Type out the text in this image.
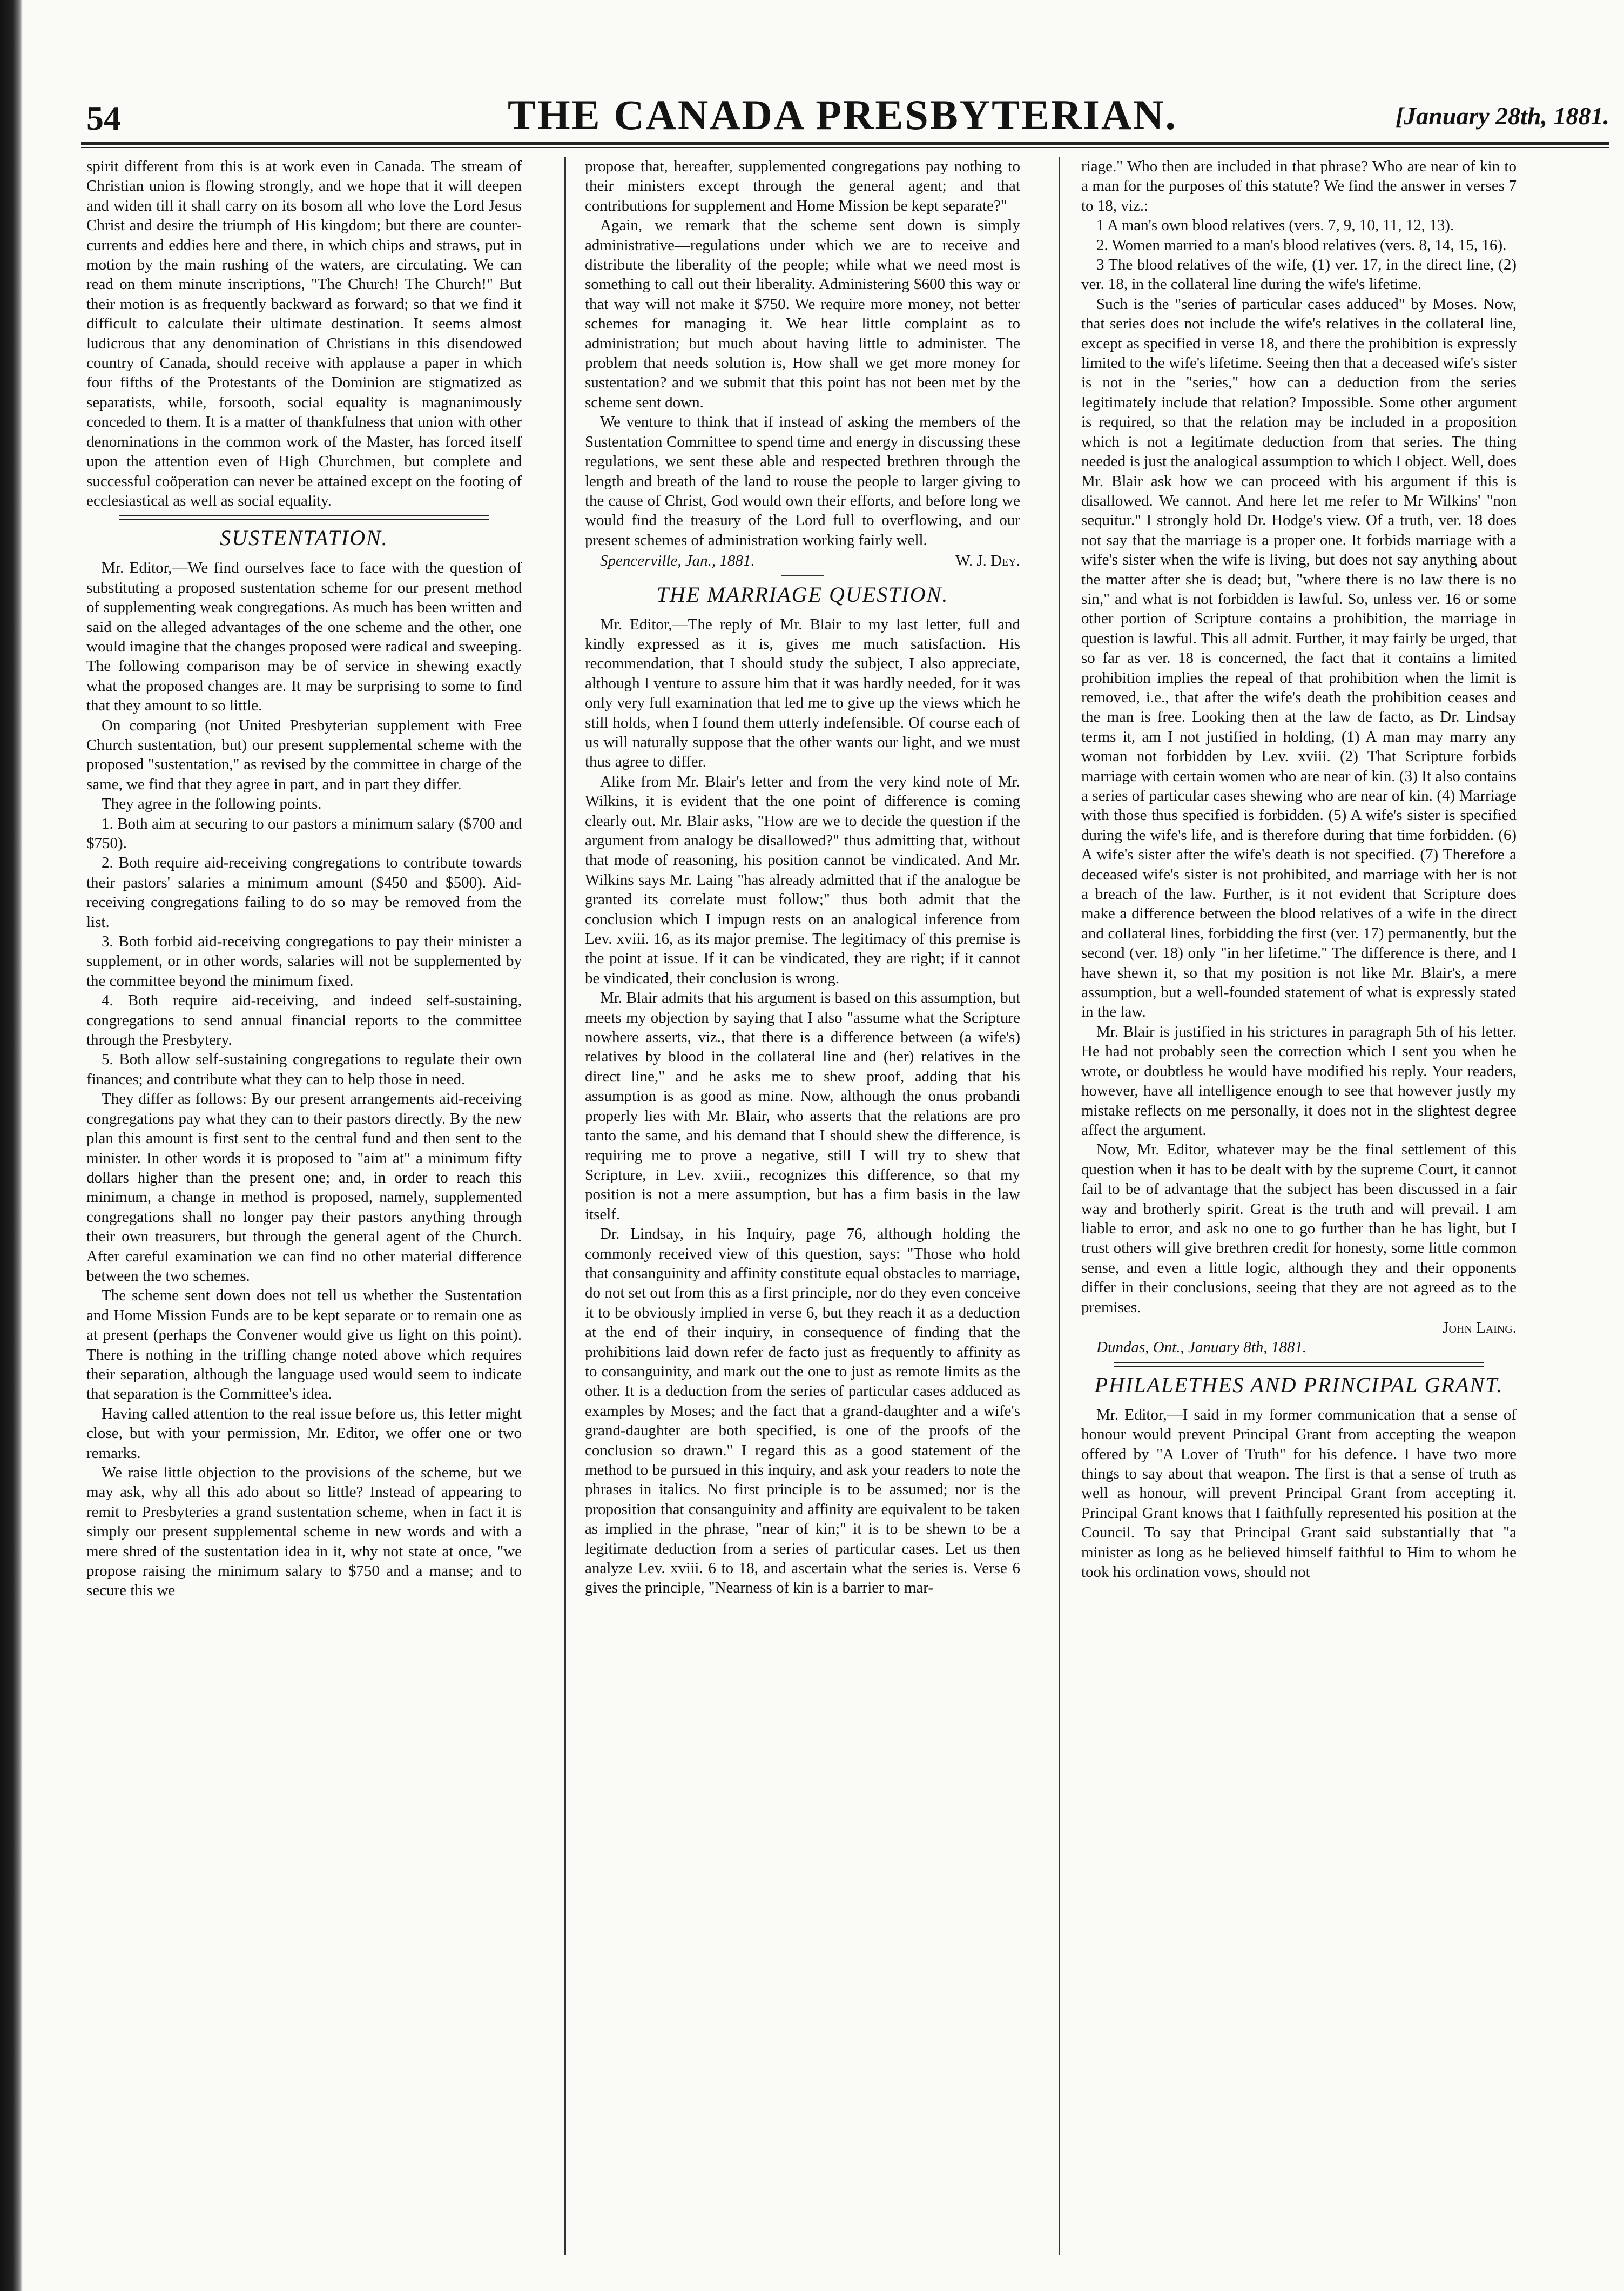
54	THE CANADA PRESBYTERIAN.	[January 28th, 1881.

spirit different from this is at work even in Canada. The stream of Christian union is flowing strongly, and we hope that it will deepen and widen till it shall carry on its bosom all who love the Lord Jesus Christ and desire the triumph of His kingdom; but there are counter-currents and eddies here and there, in which chips and straws, put in motion by the main rushing of the waters, are circulating. We can read on them minute inscriptions, "The Church! The Church!" But their motion is as frequently backward as forward; so that we find it difficult to calculate their ultimate destination. It seems almost ludicrous that any denomination of Christians in this disendowed country of Canada, should receive with applause a paper in which four fifths of the Protestants of the Dominion are stigmatized as separatists, while, forsooth, social equality is magnanimously conceded to them. It is a matter of thankfulness that union with other denominations in the common work of the Master, has forced itself upon the attention even of High Churchmen, but complete and successful coöperation can never be attained except on the footing of ecclesiastical as well as social equality.

SUSTENTATION.

Mr. Editor,—We find ourselves face to face with the question of substituting a proposed sustentation scheme for our present method of supplementing weak congregations. As much has been written and said on the alleged advantages of the one scheme and the other, one would imagine that the changes proposed were radical and sweeping. The following comparison may be of service in shewing exactly what the proposed changes are. It may be surprising to some to find that they amount to so little.

On comparing (not United Presbyterian supplement with Free Church sustentation, but) our present supplemental scheme with the proposed "sustentation," as revised by the committee in charge of the same, we find that they agree in part, and in part they differ.

They agree in the following points.

1. Both aim at securing to our pastors a minimum salary ($700 and $750).

2. Both require aid-receiving congregations to contribute towards their pastors' salaries a minimum amount ($450 and $500). Aid-receiving congregations failing to do so may be removed from the list.

3. Both forbid aid-receiving congregations to pay their minister a supplement, or in other words, salaries will not be supplemented by the committee beyond the minimum fixed.

4. Both require aid-receiving, and indeed self-sustaining, congregations to send annual financial reports to the committee through the Presbytery.

5. Both allow self-sustaining congregations to regulate their own finances; and contribute what they can to help those in need.

They differ as follows: By our present arrangements aid-receiving congregations pay what they can to their pastors directly. By the new plan this amount is first sent to the central fund and then sent to the minister. In other words it is proposed to "aim at" a minimum fifty dollars higher than the present one; and, in order to reach this minimum, a change in method is proposed, namely, supplemented congregations shall no longer pay their pastors anything through their own treasurers, but through the general agent of the Church. After careful examination we can find no other material difference between the two schemes.

The scheme sent down does not tell us whether the Sustentation and Home Mission Funds are to be kept separate or to remain one as at present (perhaps the Convener would give us light on this point). There is nothing in the trifling change noted above which requires their separation, although the language used would seem to indicate that separation is the Committee's idea.

Having called attention to the real issue before us, this letter might close, but with your permission, Mr. Editor, we offer one or two remarks.

We raise little objection to the provisions of the scheme, but we may ask, why all this ado about so little? Instead of appearing to remit to Presbyteries a grand sustentation scheme, when in fact it is simply our present supplemental scheme in new words and with a mere shred of the sustentation idea in it, why not state at once, "we propose raising the minimum salary to $750 and a manse; and to secure this we

propose that, hereafter, supplemented congregations pay nothing to their ministers except through the general agent; and that contributions for supplement and Home Mission be kept separate?"

Again, we remark that the scheme sent down is simply administrative—regulations under which we are to receive and distribute the liberality of the people; while what we need most is something to call out their liberality. Administering $600 this way or that way will not make it $750. We require more money, not better schemes for managing it. We hear little complaint as to administration; but much about having little to administer. The problem that needs solution is, How shall we get more money for sustentation? and we submit that this point has not been met by the scheme sent down.

We venture to think that if instead of asking the members of the Sustentation Committee to spend time and energy in discussing these regulations, we sent these able and respected brethren through the length and breath of the land to rouse the people to larger giving to the cause of Christ, God would own their efforts, and before long we would find the treasury of the Lord full to overflowing, and our present schemes of administration working fairly well.

Spencerville, Jan., 1881.	W. J. Dey.
THE MARRIAGE QUESTION.

Mr. Editor,—The reply of Mr. Blair to my last letter, full and kindly expressed as it is, gives me much satisfaction. His recommendation, that I should study the subject, I also appreciate, although I venture to assure him that it was hardly needed, for it was only very full examination that led me to give up the views which he still holds, when I found them utterly indefensible. Of course each of us will naturally suppose that the other wants our light, and we must thus agree to differ.

Alike from Mr. Blair's letter and from the very kind note of Mr. Wilkins, it is evident that the one point of difference is coming clearly out. Mr. Blair asks, "How are we to decide the question if the argument from analogy be disallowed?" thus admitting that, without that mode of reasoning, his position cannot be vindicated. And Mr. Wilkins says Mr. Laing "has already admitted that if the analogue be granted its correlate must follow;" thus both admit that the conclusion which I impugn rests on an analogical inference from Lev. xviii. 16, as its major premise. The legitimacy of this premise is the point at issue. If it can be vindicated, they are right; if it cannot be vindicated, their conclusion is wrong.

Mr. Blair admits that his argument is based on this assumption, but meets my objection by saying that I also "assume what the Scripture nowhere asserts, viz., that there is a difference between (a wife's) relatives by blood in the collateral line and (her) relatives in the direct line," and he asks me to shew proof, adding that his assumption is as good as mine. Now, although the onus probandi properly lies with Mr. Blair, who asserts that the relations are pro tanto the same, and his demand that I should shew the difference, is requiring me to prove a negative, still I will try to shew that Scripture, in Lev. xviii., recognizes this difference, so that my position is not a mere assumption, but has a firm basis in the law itself.

Dr. Lindsay, in his Inquiry, page 76, although holding the commonly received view of this question, says: "Those who hold that consanguinity and affinity constitute equal obstacles to marriage, do not set out from this as a first principle, nor do they even conceive it to be obviously implied in verse 6, but they reach it as a deduction at the end of their inquiry, in consequence of finding that the prohibitions laid down refer de facto just as frequently to affinity as to consanguinity, and mark out the one to just as remote limits as the other. It is a deduction from the series of particular cases adduced as examples by Moses; and the fact that a grand-daughter and a wife's grand-daughter are both specified, is one of the proofs of the conclusion so drawn." I regard this as a good statement of the method to be pursued in this inquiry, and ask your readers to note the phrases in italics. No first principle is to be assumed; nor is the proposition that consanguinity and affinity are equivalent to be taken as implied in the phrase, "near of kin;" it is to be shewn to be a legitimate deduction from a series of particular cases. Let us then analyze Lev. xviii. 6 to 18, and ascertain what the series is. Verse 6 gives the principle, "Nearness of kin is a barrier to mar-

riage." Who then are included in that phrase? Who are near of kin to a man for the purposes of this statute? We find the answer in verses 7 to 18, viz.:

1 A man's own blood relatives (vers. 7, 9, 10, 11, 12, 13).

2. Women married to a man's blood relatives (vers. 8, 14, 15, 16).

3 The blood relatives of the wife, (1) ver. 17, in the direct line, (2) ver. 18, in the collateral line during the wife's lifetime.

Such is the "series of particular cases adduced" by Moses. Now, that series does not include the wife's relatives in the collateral line, except as specified in verse 18, and there the prohibition is expressly limited to the wife's lifetime. Seeing then that a deceased wife's sister is not in the "series," how can a deduction from the series legitimately include that relation? Impossible. Some other argument is required, so that the relation may be included in a proposition which is not a legitimate deduction from that series. The thing needed is just the analogical assumption to which I object. Well, does Mr. Blair ask how we can proceed with his argument if this is disallowed. We cannot. And here let me refer to Mr Wilkins' "non sequitur." I strongly hold Dr. Hodge's view. Of a truth, ver. 18 does not say that the marriage is a proper one. It forbids marriage with a wife's sister when the wife is living, but does not say anything about the matter after she is dead; but, "where there is no law there is no sin," and what is not forbidden is lawful. So, unless ver. 16 or some other portion of Scripture contains a prohibition, the marriage in question is lawful. This all admit. Further, it may fairly be urged, that so far as ver. 18 is concerned, the fact that it contains a limited prohibition implies the repeal of that prohibition when the limit is removed, i.e., that after the wife's death the prohibition ceases and the man is free. Looking then at the law de facto, as Dr. Lindsay terms it, am I not justified in holding, (1) A man may marry any woman not forbidden by Lev. xviii. (2) That Scripture forbids marriage with certain women who are near of kin. (3) It also contains a series of particular cases shewing who are near of kin. (4) Marriage with those thus specified is forbidden. (5) A wife's sister is specified during the wife's life, and is therefore during that time forbidden. (6) A wife's sister after the wife's death is not specified. (7) Therefore a deceased wife's sister is not prohibited, and marriage with her is not a breach of the law. Further, is it not evident that Scripture does make a difference between the blood relatives of a wife in the direct and collateral lines, forbidding the first (ver. 17) permanently, but the second (ver. 18) only "in her lifetime." The difference is there, and I have shewn it, so that my position is not like Mr. Blair's, a mere assumption, but a well-founded statement of what is expressly stated in the law.

Mr. Blair is justified in his strictures in paragraph 5th of his letter. He had not probably seen the correction which I sent you when he wrote, or doubtless he would have modified his reply. Your readers, however, have all intelligence enough to see that however justly my mistake reflects on me personally, it does not in the slightest degree affect the argument.

Now, Mr. Editor, whatever may be the final settlement of this question when it has to be dealt with by the supreme Court, it cannot fail to be of advantage that the subject has been discussed in a fair way and brotherly spirit. Great is the truth and will prevail. I am liable to error, and ask no one to go further than he has light, but I trust others will give brethren credit for honesty, some little common sense, and even a little logic, although they and their opponents differ in their conclusions, seeing that they are not agreed as to the premises.

John Laing.
Dundas, Ont., January 8th, 1881.
PHILALETHES AND PRINCIPAL GRANT.

Mr. Editor,—I said in my former communication that a sense of honour would prevent Principal Grant from accepting the weapon offered by "A Lover of Truth" for his defence. I have two more things to say about that weapon. The first is that a sense of truth as well as honour, will prevent Principal Grant from accepting it. Principal Grant knows that I faithfully represented his position at the Council. To say that Principal Grant said substantially that "a minister as long as he believed himself faithful to Him to whom he took his ordination vows, should not
